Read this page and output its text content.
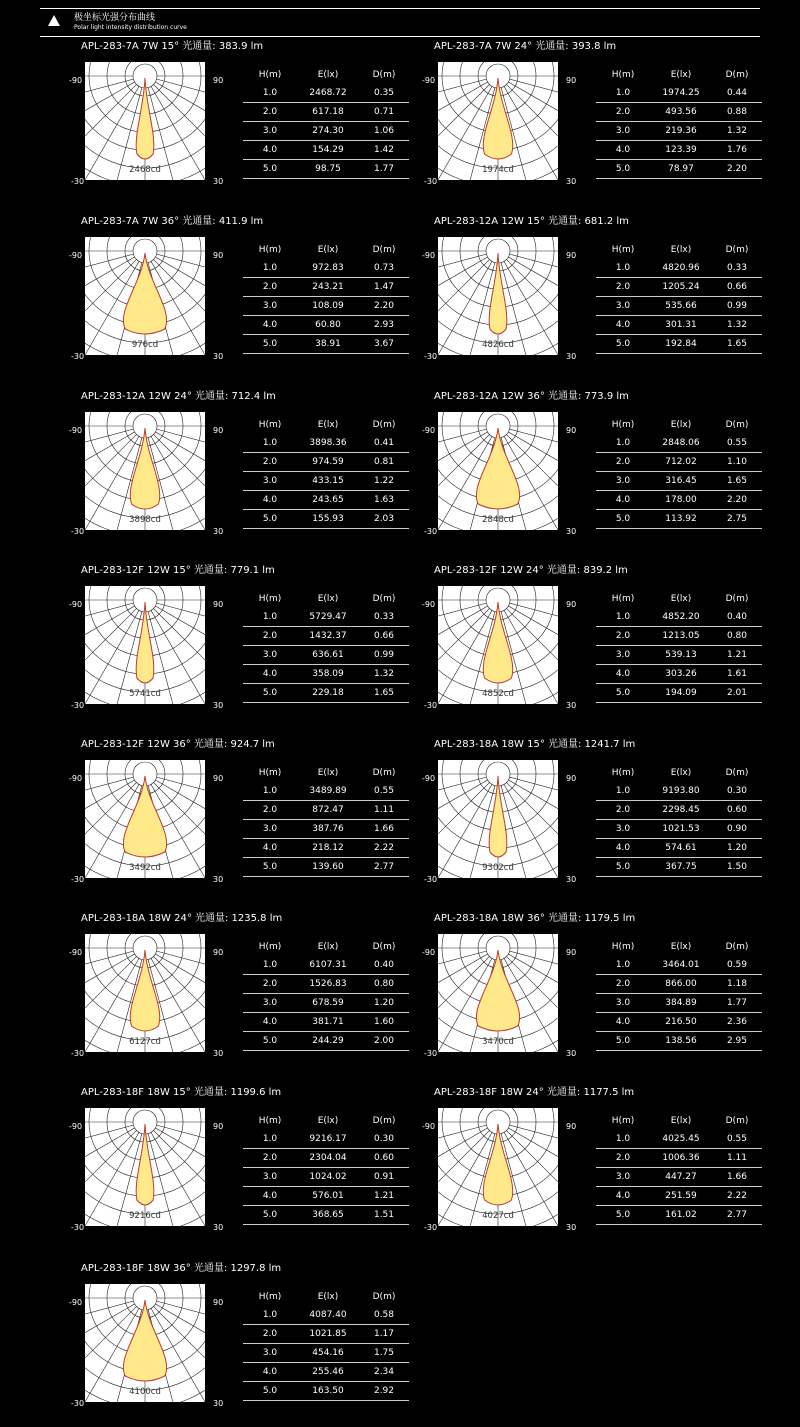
极坐标光强分布曲线
Polar light intensity distribution curve
APL-283-7A 7W 15° 光通量: 383.9 lm
2468cd
-90	90
-30	30
H(m)	E(lx)	D(m)
1.0	2468.72	0.35
2.0	617.18	0.71
3.0	274.30	1.06
4.0	154.29	1.42
5.0	98.75	1.77
APL-283-7A 7W 24° 光通量: 393.8 lm
1974cd
-90	90
-30	30
H(m)	E(lx)	D(m)
1.0	1974.25	0.44
2.0	493.56	0.88
3.0	219.36	1.32
4.0	123.39	1.76
5.0	78.97	2.20
APL-283-7A 7W 36° 光通量: 411.9 lm
976cd
-90	90
-30	30
H(m)	E(lx)	D(m)
1.0	972.83	0.73
2.0	243.21	1.47
3.0	108.09	2.20
4.0	60.80	2.93
5.0	38.91	3.67
APL-283-12A 12W 15° 光通量: 681.2 lm
4826cd
-90	90
-30	30
H(m)	E(lx)	D(m)
1.0	4820.96	0.33
2.0	1205.24	0.66
3.0	535.66	0.99
4.0	301.31	1.32
5.0	192.84	1.65
APL-283-12A 12W 24° 光通量: 712.4 lm
3898cd
-90	90
-30	30
H(m)	E(lx)	D(m)
1.0	3898.36	0.41
2.0	974.59	0.81
3.0	433.15	1.22
4.0	243.65	1.63
5.0	155.93	2.03
APL-283-12A 12W 36° 光通量: 773.9 lm
2848cd
-90	90
-30	30
H(m)	E(lx)	D(m)
1.0	2848.06	0.55
2.0	712.02	1.10
3.0	316.45	1.65
4.0	178.00	2.20
5.0	113.92	2.75
APL-283-12F 12W 15° 光通量: 779.1 lm
5741cd
-90	90
-30	30
H(m)	E(lx)	D(m)
1.0	5729.47	0.33
2.0	1432.37	0.66
3.0	636.61	0.99
4.0	358.09	1.32
5.0	229.18	1.65
APL-283-12F 12W 24° 光通量: 839.2 lm
4852cd
-90	90
-30	30
H(m)	E(lx)	D(m)
1.0	4852.20	0.40
2.0	1213.05	0.80
3.0	539.13	1.21
4.0	303.26	1.61
5.0	194.09	2.01
APL-283-12F 12W 36° 光通量: 924.7 lm
3492cd
-90	90
-30	30
H(m)	E(lx)	D(m)
1.0	3489.89	0.55
2.0	872.47	1.11
3.0	387.76	1.66
4.0	218.12	2.22
5.0	139.60	2.77
APL-283-18A 18W 15° 光通量: 1241.7 lm
9302cd
-90	90
-30	30
H(m)	E(lx)	D(m)
1.0	9193.80	0.30
2.0	2298.45	0.60
3.0	1021.53	0.90
4.0	574.61	1.20
5.0	367.75	1.50
APL-283-18A 18W 24° 光通量: 1235.8 lm
6127cd
-90	90
-30	30
H(m)	E(lx)	D(m)
1.0	6107.31	0.40
2.0	1526.83	0.80
3.0	678.59	1.20
4.0	381.71	1.60
5.0	244.29	2.00
APL-283-18A 18W 36° 光通量: 1179.5 lm
3470cd
-90	90
-30	30
H(m)	E(lx)	D(m)
1.0	3464.01	0.59
2.0	866.00	1.18
3.0	384.89	1.77
4.0	216.50	2.36
5.0	138.56	2.95
APL-283-18F 18W 15° 光通量: 1199.6 lm
9216cd
-90	90
-30	30
H(m)	E(lx)	D(m)
1.0	9216.17	0.30
2.0	2304.04	0.60
3.0	1024.02	0.91
4.0	576.01	1.21
5.0	368.65	1.51
APL-283-18F 18W 24° 光通量: 1177.5 lm
4027cd
-90	90
-30	30
H(m)	E(lx)	D(m)
1.0	4025.45	0.55
2.0	1006.36	1.11
3.0	447.27	1.66
4.0	251.59	2.22
5.0	161.02	2.77
APL-283-18F 18W 36° 光通量: 1297.8 lm
4100cd
-90	90
-30	30
H(m)	E(lx)	D(m)
1.0	4087.40	0.58
2.0	1021.85	1.17
3.0	454.16	1.75
4.0	255.46	2.34
5.0	163.50	2.92
